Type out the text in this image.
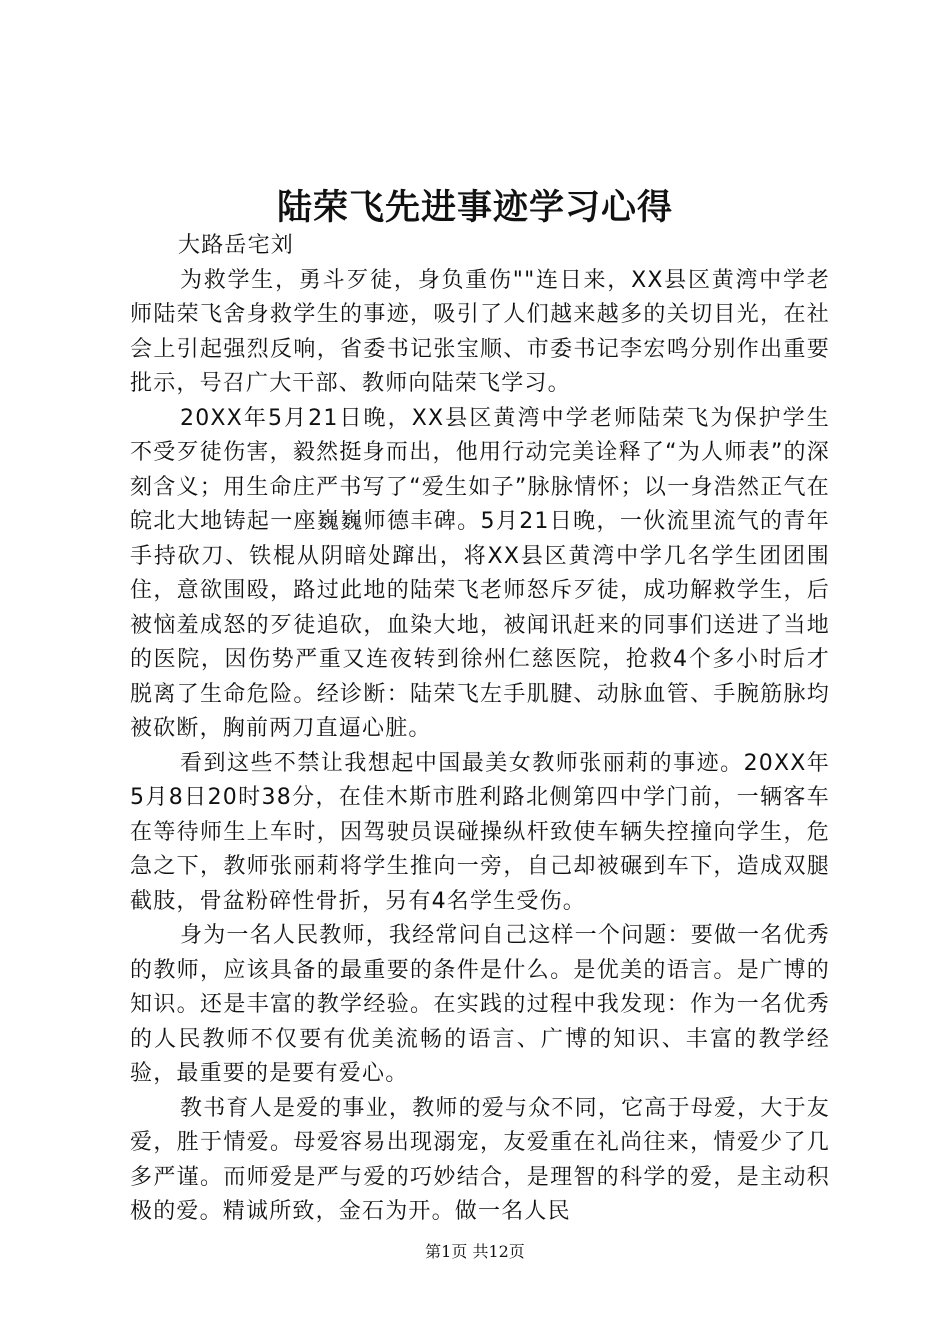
陆荣飞先进事迹学习心得

大路岳宅刘

为救学生，勇斗歹徒，身负重伤""连日来，XX县区黄湾中学老师陆荣飞舍身救学生的事迹，吸引了人们越来越多的关切目光，在社会上引起强烈反响，省委书记张宝顺、市委书记李宏鸣分别作出重要批示，号召广大干部、教师向陆荣飞学习。

20XX年5月21日晚，XX县区黄湾中学老师陆荣飞为保护学生不受歹徒伤害，毅然挺身而出，他用行动完美诠释了“为人师表”的深刻含义；用生命庄严书写了“爱生如子”脉脉情怀；以一身浩然正气在皖北大地铸起一座巍巍师德丰碑。5月21日晚，一伙流里流气的青年手持砍刀、铁棍从阴暗处蹿出，将XX县区黄湾中学几名学生团团围住，意欲围殴，路过此地的陆荣飞老师怒斥歹徒，成功解救学生，后被恼羞成怒的歹徒追砍，血染大地，被闻讯赶来的同事们送进了当地的医院，因伤势严重又连夜转到徐州仁慈医院，抢救4个多小时后才脱离了生命危险。经诊断：陆荣飞左手肌腱、动脉血管、手腕筋脉均被砍断，胸前两刀直逼心脏。

看到这些不禁让我想起中国最美女教师张丽莉的事迹。20XX年5月8日20时38分，在佳木斯市胜利路北侧第四中学门前，一辆客车在等待师生上车时，因驾驶员误碰操纵杆致使车辆失控撞向学生，危急之下，教师张丽莉将学生推向一旁，自己却被碾到车下，造成双腿截肢，骨盆粉碎性骨折，另有4名学生受伤。

身为一名人民教师，我经常问自己这样一个问题：要做一名优秀的教师，应该具备的最重要的条件是什么。是优美的语言。是广博的知识。还是丰富的教学经验。在实践的过程中我发现：作为一名优秀的人民教师不仅要有优美流畅的语言、广博的知识、丰富的教学经验，最重要的是要有爱心。

教书育人是爱的事业，教师的爱与众不同，它高于母爱，大于友爱，胜于情爱。母爱容易出现溺宠，友爱重在礼尚往来，情爱少了几多严谨。而师爱是严与爱的巧妙结合，是理智的科学的爱，是主动积极的爱。精诚所致，金石为开。做一名人民

第1页 共12页
